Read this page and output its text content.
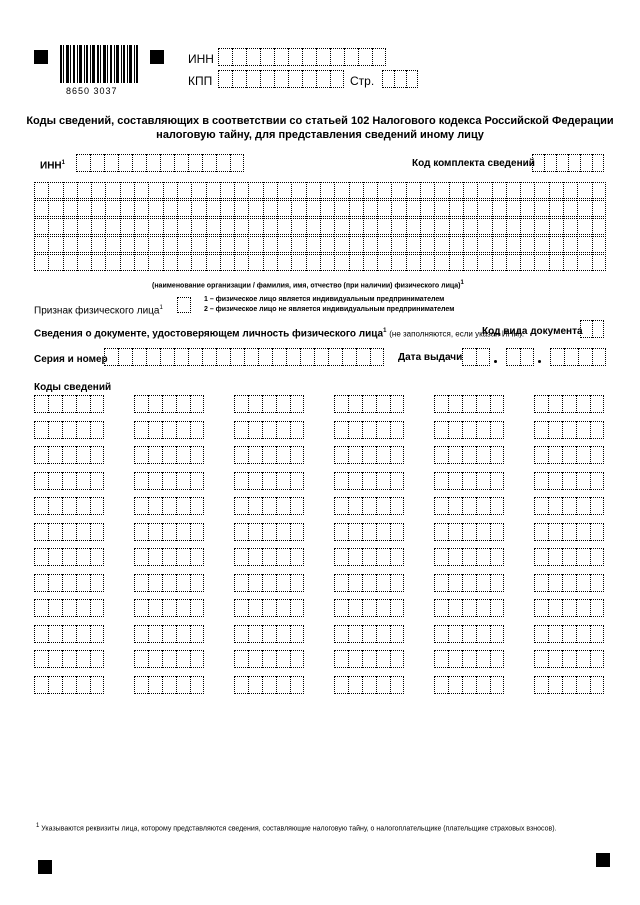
8650 3037
ИНН
КПП	Стр.
Коды сведений, составляющих в соответствии со статьей 102 Налогового кодекса Российской Федерации
налоговую тайну, для представления сведений иному лицу
ИНН$^1$	Код комплекта сведений
(наименование организации / фамилия, имя, отчество (при наличии) физического лица)1
Признак физического лица$^1$
1 – физическое лицо является индивидуальным предпринимателем
2 – физическое лицо не является индивидуальным предпринимателем
Сведения о документе, удостоверяющем личность физического лица$^1$ (не заполняются, если указан ИНН):
Код вида документа
Серия и номер	Дата выдачи
Коды сведений
1 Указываются реквизиты лица, которому представляются сведения, составляющие налоговую тайну, о налогоплательщике (плательщике страховых взносов).
